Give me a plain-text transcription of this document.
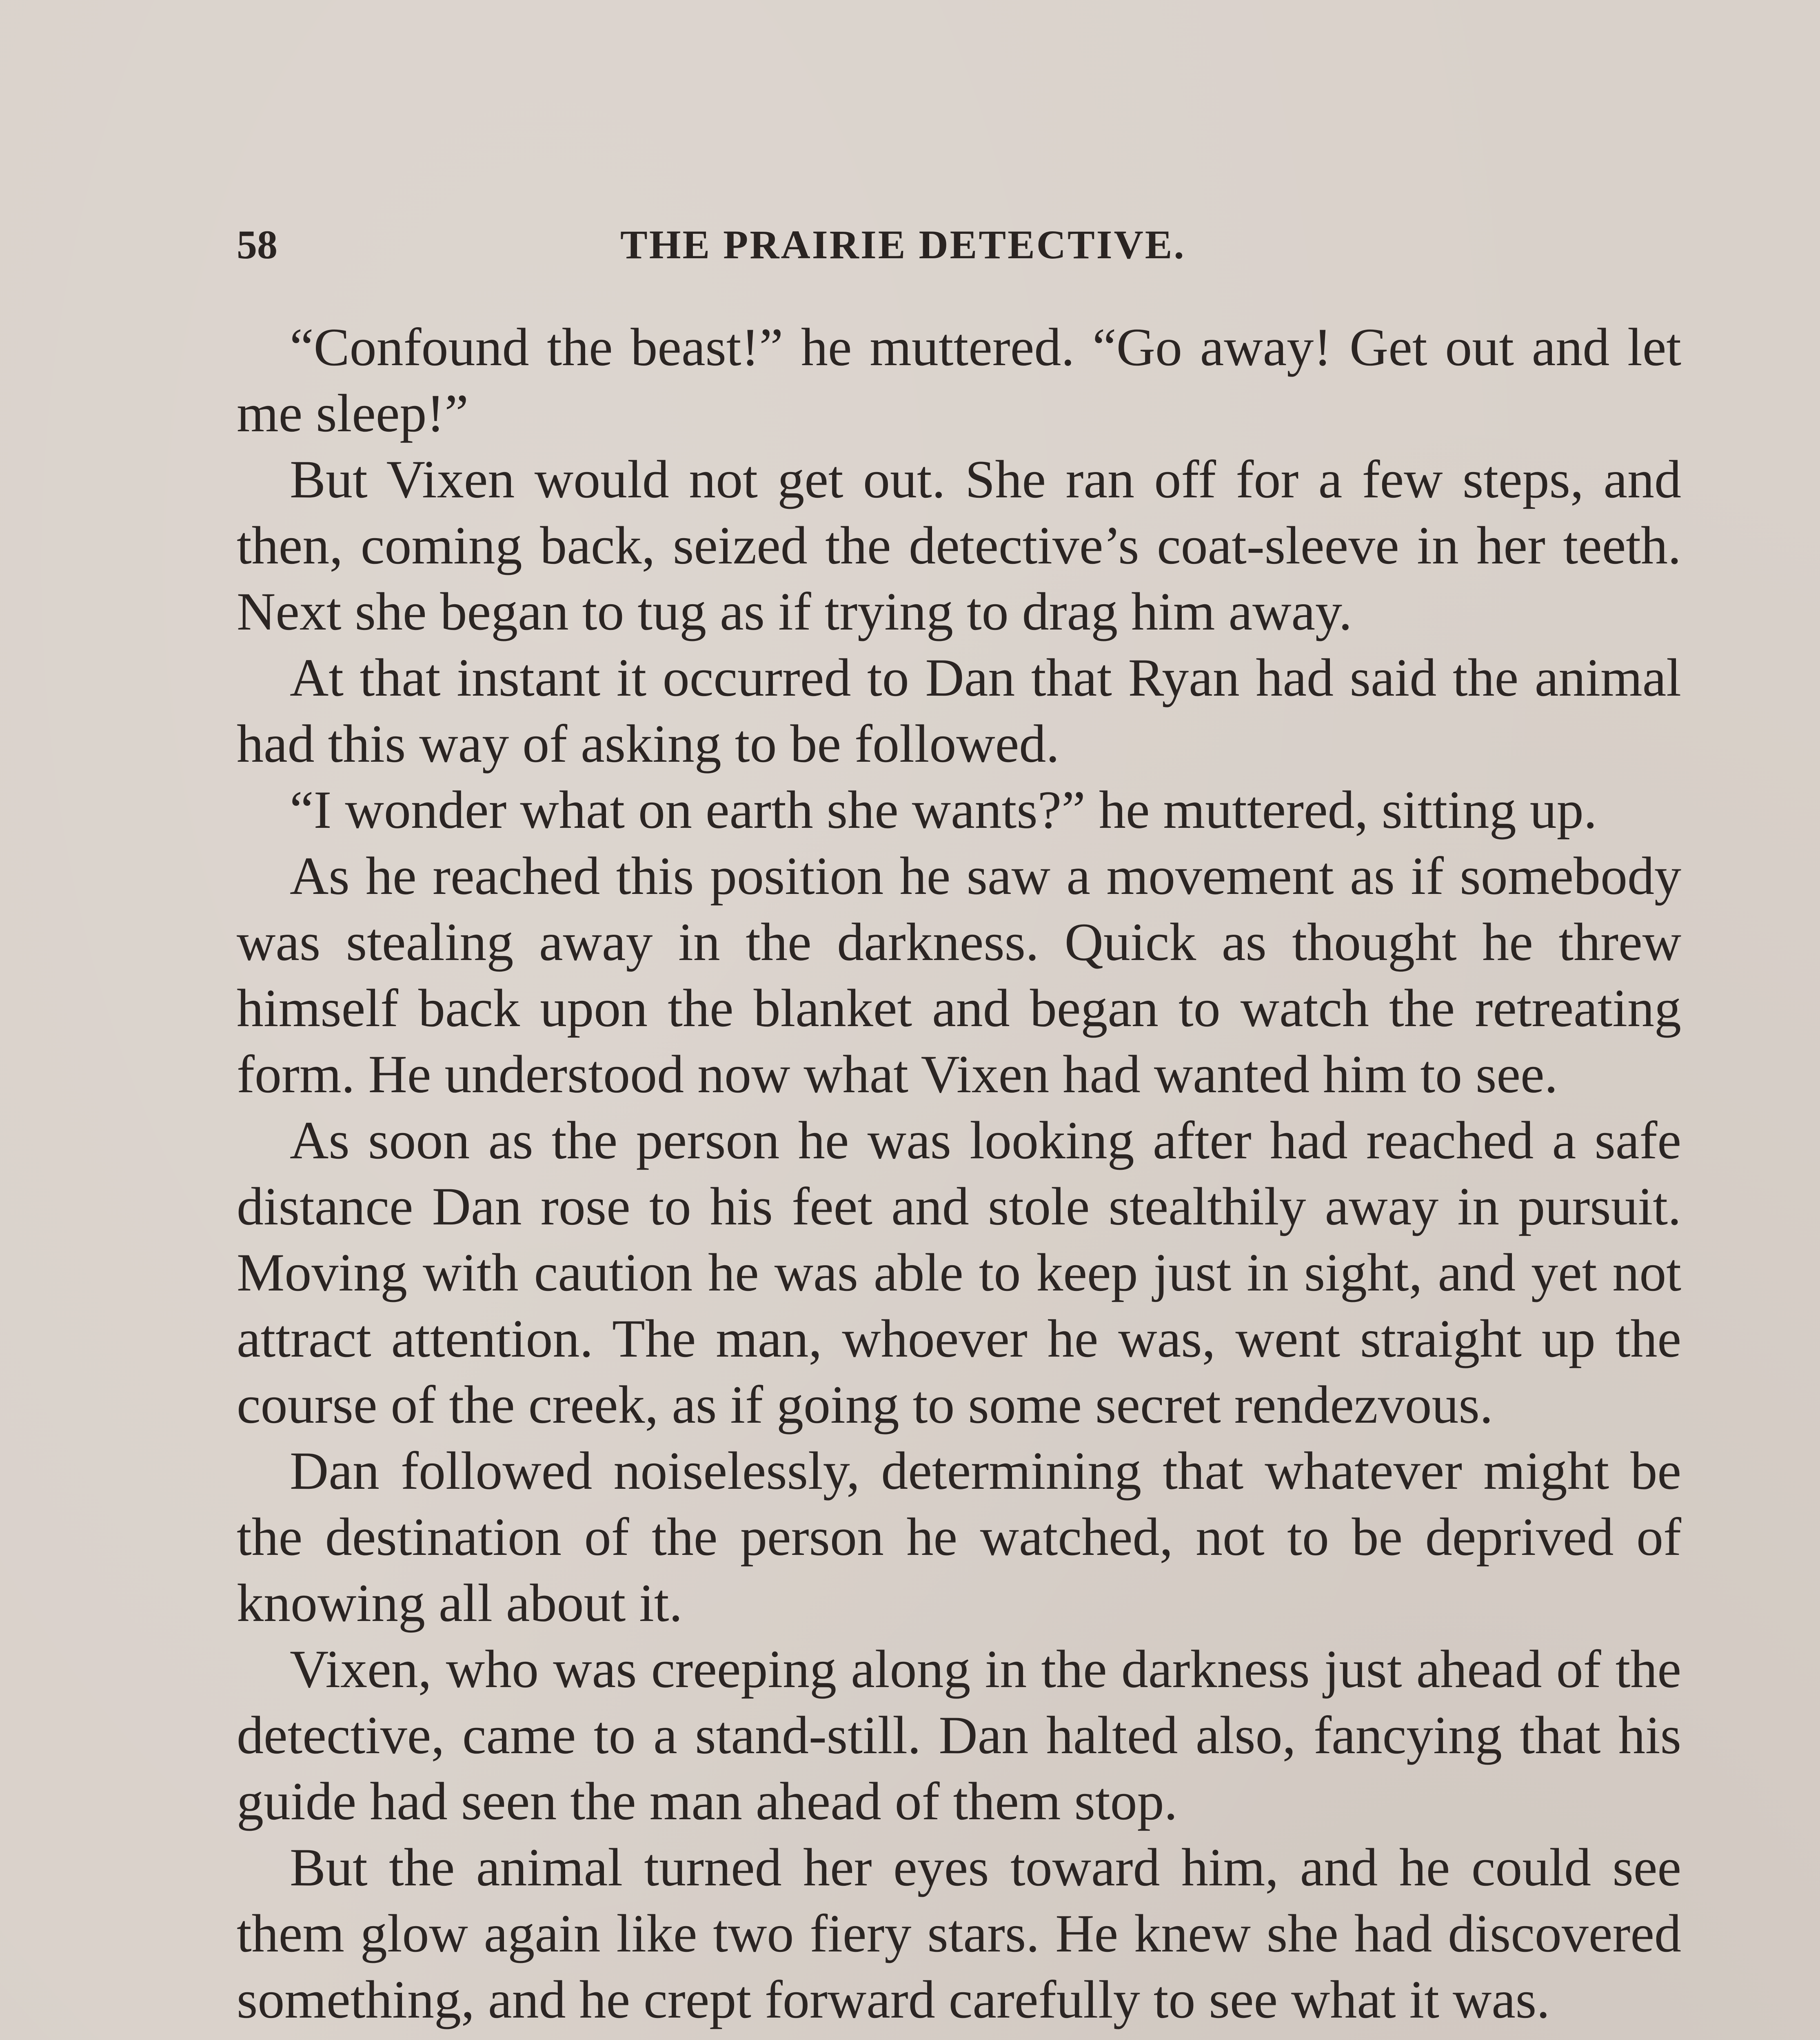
58	THE PRAIRIE DETECTIVE.

“Confound the beast!” he muttered. “Go away! Get out and let me sleep!”

But Vixen would not get out. She ran off for a few steps, and then, coming back, seized the detective’s coat-sleeve in her teeth. Next she began to tug as if trying to drag him away.

At that instant it occurred to Dan that Ryan had said the animal had this way of asking to be followed.

“I wonder what on earth she wants?” he muttered, sitting up.

As he reached this position he saw a movement as if somebody was stealing away in the darkness. Quick as thought he threw himself back upon the blanket and began to watch the retreating form. He understood now what Vixen had wanted him to see.

As soon as the person he was looking after had reached a safe distance Dan rose to his feet and stole stealthily away in pursuit. Moving with caution he was able to keep just in sight, and yet not attract attention. The man, whoever he was, went straight up the course of the creek, as if going to some secret rendezvous.

Dan followed noiselessly, determining that whatever might be the destination of the person he watched, not to be deprived of knowing all about it.

Vixen, who was creeping along in the darkness just ahead of the detective, came to a stand-still. Dan halted also, fancying that his guide had seen the man ahead of them stop.

But the animal turned her eyes toward him, and he could see them glow again like two fiery stars. He knew she had discovered something, and he crept forward carefully to see what it was.
